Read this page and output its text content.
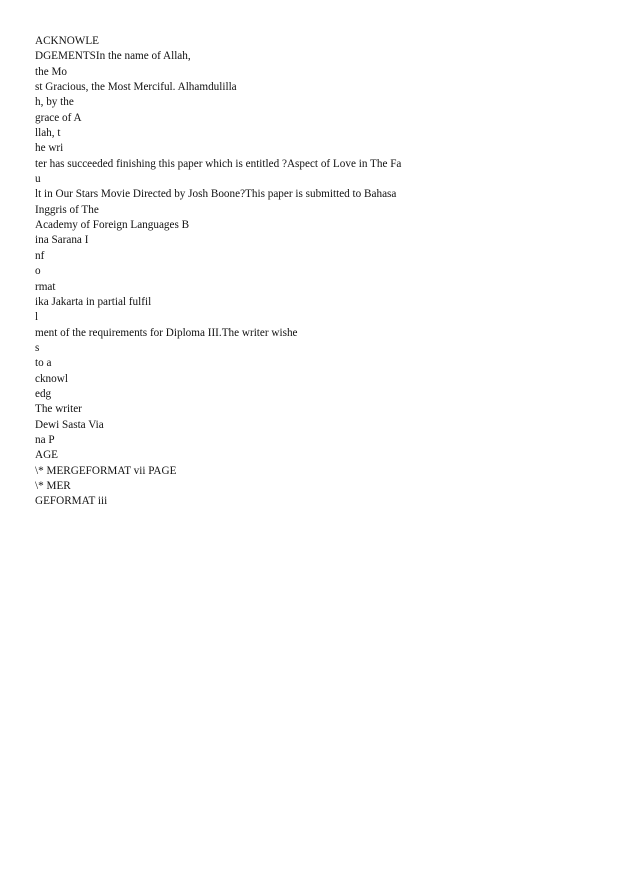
ACKNOWLE
DGEMENTSIn the name of Allah,
the Mo
st Gracious, the Most Merciful. Alhamdulilla
h, by the
grace of A
llah, t
he wri
ter has succeeded finishing this paper which is entitled ?Aspect of Love in The Fa
u
lt in Our Stars Movie Directed by Josh Boone?This paper is submitted to Bahasa
Inggris of The
Academy of Foreign Languages B
ina Sarana I
nf
o
rmat
ika Jakarta in partial fulfil
l
ment of the requirements for Diploma III.The writer wishe
s
to a
cknowl
edg
The writer
Dewi Sasta Via
na P
AGE
\* MERGEFORMAT vii PAGE
\* MER
GEFORMAT iii
